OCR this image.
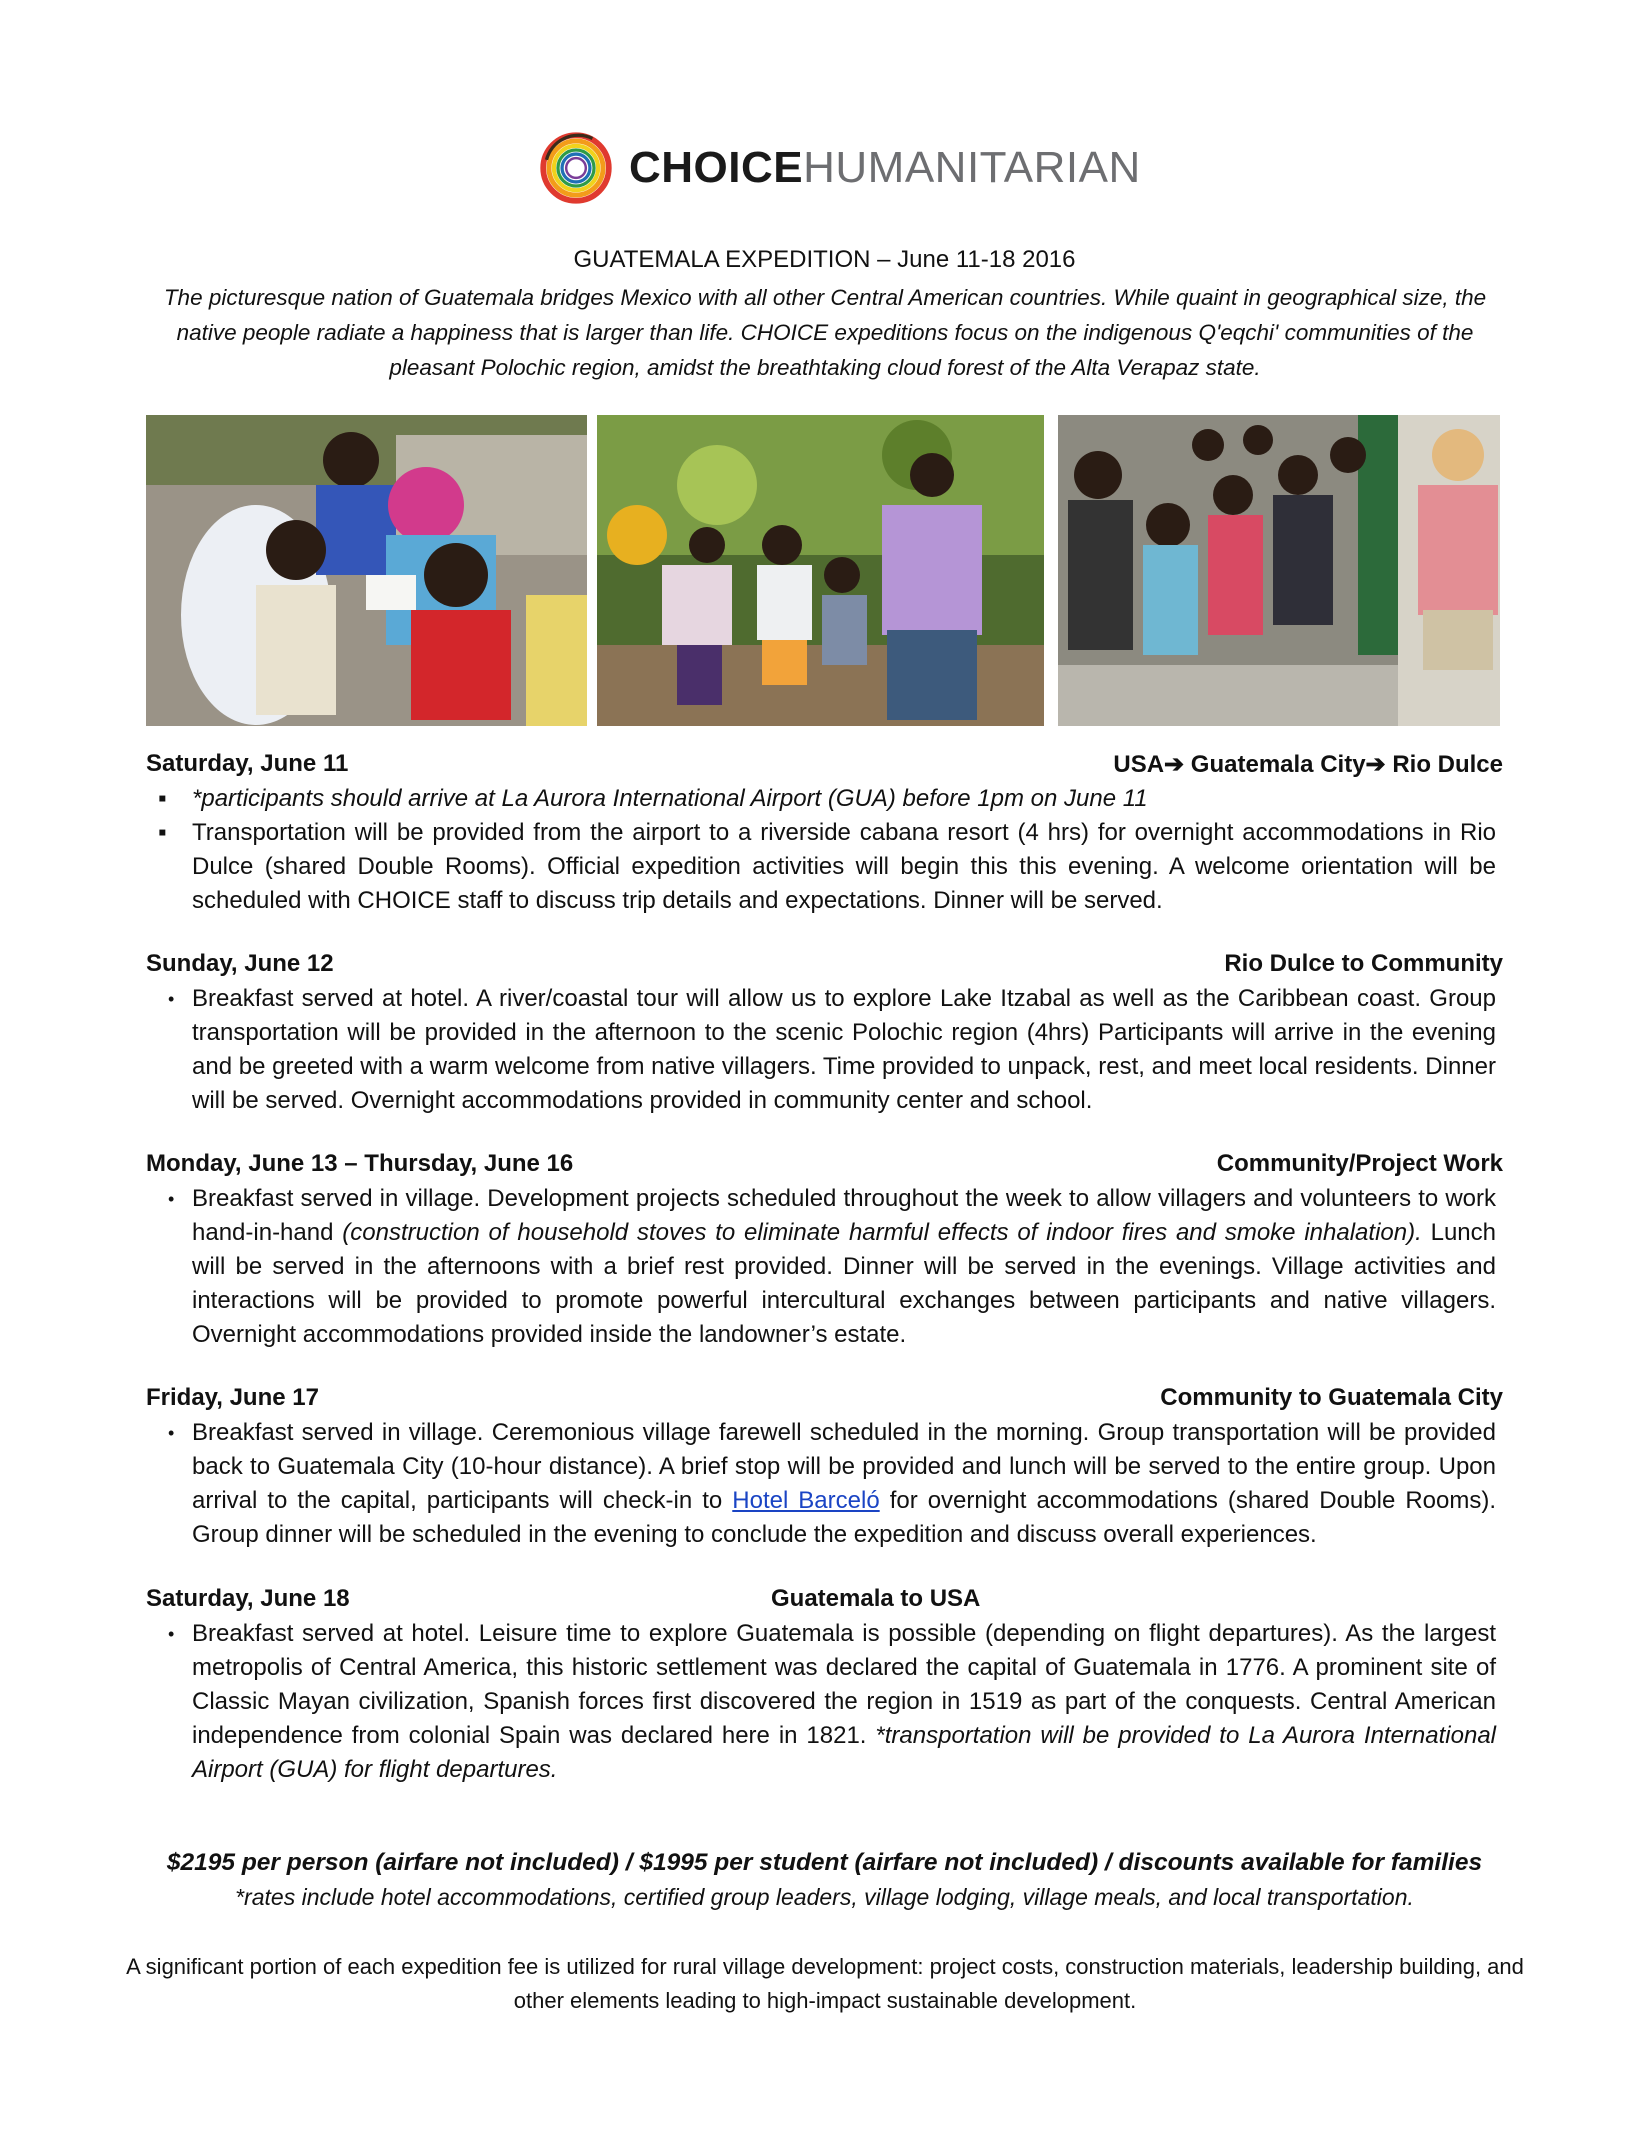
CHOICEHUMANITARIAN
GUATEMALA EXPEDITION – June 11-18 2016
The picturesque nation of Guatemala bridges Mexico with all other Central American countries. While quaint in geographical size, the native people radiate a happiness that is larger than life. CHOICE expeditions focus on the indigenous Q'eqchi' communities of the pleasant Polochic region, amidst the breathtaking cloud forest of the Alta Verapaz state.
Saturday, June 11	USA➔ Guatemala City➔ Rio Dulce
▪ *participants should arrive at La Aurora International Airport (GUA) before 1pm on June 11
▪ Transportation will be provided from the airport to a riverside cabana resort (4 hrs) for overnight accommodations in Rio Dulce (shared Double Rooms). Official expedition activities will begin this this evening. A welcome orientation will be scheduled with CHOICE staff to discuss trip details and expectations. Dinner will be served.
Sunday, June 12	Rio Dulce to Community
• Breakfast served at hotel. A river/coastal tour will allow us to explore Lake Itzabal as well as the Caribbean coast. Group transportation will be provided in the afternoon to the scenic Polochic region (4hrs) Participants will arrive in the evening and be greeted with a warm welcome from native villagers. Time provided to unpack, rest, and meet local residents. Dinner will be served. Overnight accommodations provided in community center and school.
Monday, June 13 – Thursday, June 16	Community/Project Work
• Breakfast served in village. Development projects scheduled throughout the week to allow villagers and volunteers to work hand-in-hand (construction of household stoves to eliminate harmful effects of indoor fires and smoke inhalation). Lunch will be served in the afternoons with a brief rest provided. Dinner will be served in the evenings. Village activities and interactions will be provided to promote powerful intercultural exchanges between participants and native villagers. Overnight accommodations provided inside the landowner’s estate.
Friday, June 17	Community to Guatemala City
• Breakfast served in village. Ceremonious village farewell scheduled in the morning. Group transportation will be provided back to Guatemala City (10-hour distance). A brief stop will be provided and lunch will be served to the entire group. Upon arrival to the capital, participants will check-in to Hotel Barceló for overnight accommodations (shared Double Rooms). Group dinner will be scheduled in the evening to conclude the expedition and discuss overall experiences.
Saturday, June 18	Guatemala to USA
• Breakfast served at hotel. Leisure time to explore Guatemala is possible (depending on flight departures). As the largest metropolis of Central America, this historic settlement was declared the capital of Guatemala in 1776. A prominent site of Classic Mayan civilization, Spanish forces first discovered the region in 1519 as part of the conquests. Central American independence from colonial Spain was declared here in 1821. *transportation will be provided to La Aurora International Airport (GUA) for flight departures.
$2195 per person (airfare not included) / $1995 per student (airfare not included) / discounts available for families
*rates include hotel accommodations, certified group leaders, village lodging, village meals, and local transportation.
A significant portion of each expedition fee is utilized for rural village development: project costs, construction materials, leadership building, and other elements leading to high-impact sustainable development.
